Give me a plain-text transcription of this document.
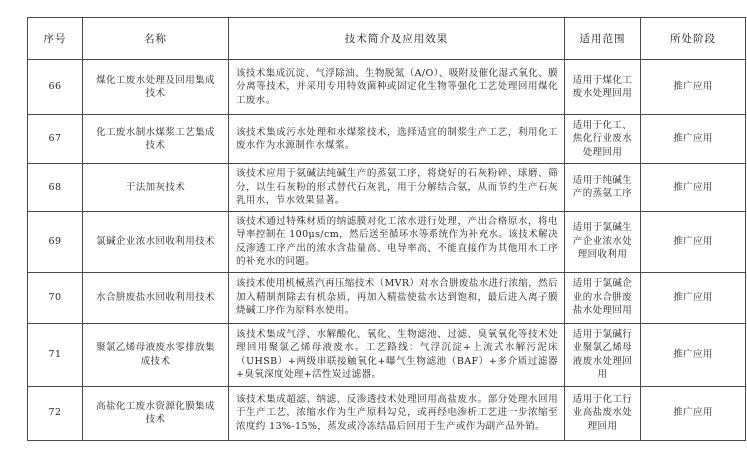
序号	名称	技术简介及应用效果	适用范围	所处阶段
66	煤化工废水处理及回用集成技术	该技术集成沉淀、气浮除油、生物脱氮（A/O）、吸附及催化湿式氧化、膜分离等技术，并采用专用特效菌种或固定化生物等强化工艺处理回用煤化工废水。	适用于煤化工废水处理回用	推广应用
67	化工废水制水煤浆工艺集成技术	该技术集成污水处理和水煤浆技术，选择适宜的制浆生产工艺，利用化工废水作为水源制作水煤浆。	适用于化工、焦化行业废水处理回用	推广应用
68	干法加灰技术	该技术应用于氨碱法纯碱生产的蒸氨工序，将烧好的石灰粉碎、球磨、筛分，以生石灰粉的形式替代石灰乳，用于分解结合氨，从而节约生产石灰乳用水，节水效果显著。	适用于纯碱生产的蒸氨工序	推广应用
69	氯碱企业浓水回收利用技术	该技术通过特殊材质的纳滤膜对化工浓水进行处理，产出合格原水，将电导率控制在 100μs/cm，然后送至循环水等系统作为补充水。该技术解决反渗透工序产出的浓水含盐量高、电导率高、不能直接作为其他用水工序的补充水的问题。	适用于氯碱生产企业浓水处理回收利用	推广应用
70	水合肼废盐水回收利用技术	该技术使用机械蒸汽再压缩技术（MVR）对水合肼废盐水进行浓缩，然后加入精制剂除去有机杂质，再加入精盐使盐水达到饱和，最后进入离子膜烧碱工序作为原料水使用。	适用于氯碱企业的水合肼废盐水处理回用	推广应用
71	聚氯乙烯母液废水零排放集成技术	该技术集成气浮、水解酸化、氧化、生物滤池、过滤、臭氧氧化等技术处理回用聚氯乙烯母液废水。工艺路线：气浮沉淀+上流式水解污泥床（UHSB）+两级串联接触氧化+曝气生物滤池（BAF）+多介质过滤器+臭氧深度处理+活性炭过滤器。	适用于氯碱行业聚氯乙烯母液废水处理回用	推广应用
72	高盐化工废水资源化膜集成技术	该技术集成超滤、纳滤、反渗透技术处理回用高盐废水。部分处理水回用于生产工艺，浓缩水作为生产原料勾兑，或再经电渗析工艺进一步浓缩至浓度约 13%-15%，蒸发或冷冻结晶后回用于生产或作为副产品外销。	适用于化工行业高盐废水处理回用	推广应用
